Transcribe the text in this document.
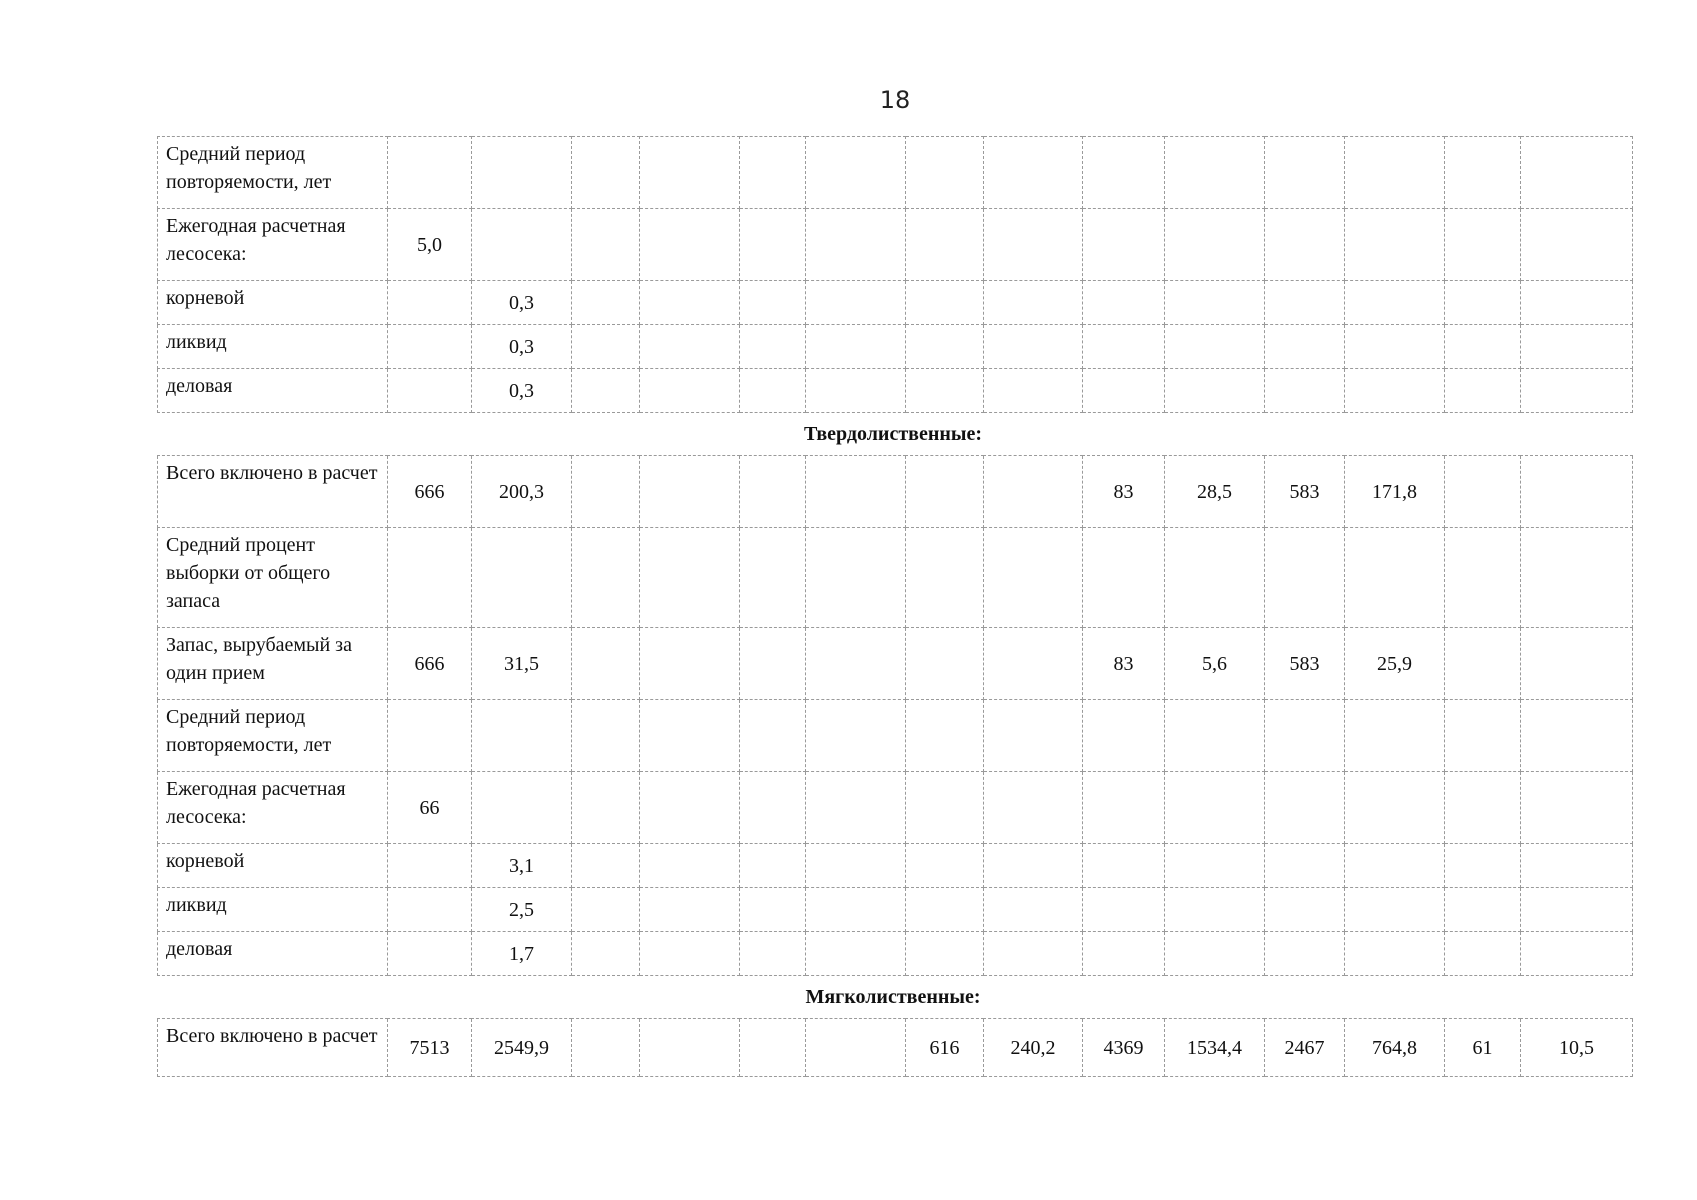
18
Средний период повторяемости, лет														
Ежегодная расчетная лесосека:	5,0													
корневой		0,3												
ликвид		0,3												
деловая		0,3												
Твердолиственные:														
Всего включено в расчет	666	200,3							83	28,5	583	171,8		
Средний процент выборки от общего запаса														
Запас, вырубаемый за один прием	666	31,5							83	5,6	583	25,9		
Средний период повторяемости, лет														
Ежегодная расчетная лесосека:	66													
корневой		3,1												
ликвид		2,5												
деловая		1,7												
Мягколиственные:														
Всего включено в расчет	7513	2549,9					616	240,2	4369	1534,4	2467	764,8	61	10,5
